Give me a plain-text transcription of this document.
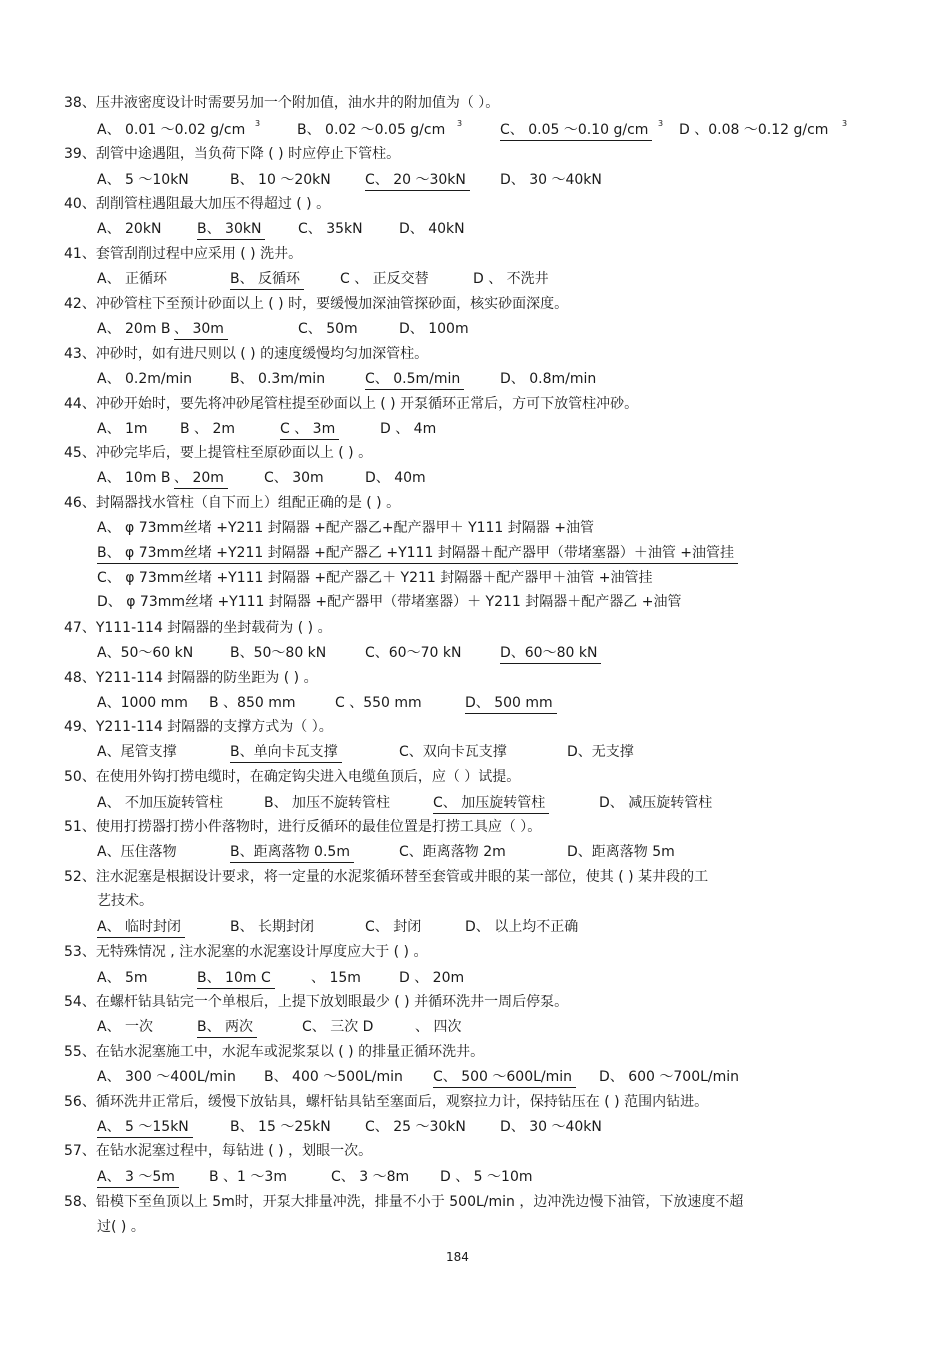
38、压井液密度设计时需要另加一个附加值，油水井的附加值为（ ）。
A、 0.01 ～0.02 g/cm 3	B、 0.02 ～0.05 g/cm 3	C、 0.05 ～0.10 g/cm	3 D 、0.08 ～0.12 g/cm 3
39、刮管中途遇阻，当负荷下降 ( ) 时应停止下管柱。
A、 5 ～10kN	B、 10 ～20kN C、 20 ～30kN D、 30 ～40kN
40、刮削管柱遇阻最大加压不得超过 ( ) 。
A、 20kN	B、 30kN	C、 35kN	D、 40kN
41、套管刮削过程中应采用 ( ) 洗井。
A、 正循环	B、 反循环	C 、 正反交替	D 、 不洗井
42、冲砂管柱下至预计砂面以上 ( ) 时，要缓慢加深油管探砂面，核实砂面深度。
A、 20m B 、 30m	C、 50m	D、 100m
43、冲砂时，如有进尺则以 ( ) 的速度缓慢均匀加深管柱。
A、 0.2m/min	B、 0.3m/min	C、 0.5m/min	D、 0.8m/min
44、冲砂开始时，要先将冲砂尾管柱提至砂面以上 ( ) 开泵循环正常后，方可下放管柱冲砂。
A、 1m B 、 2m	C 、 3m	D 、 4m
45、冲砂完毕后，要上提管柱至原砂面以上 ( ) 。
A、 10m B 、 20m	C、 30m	D、 40m
46、封隔器找水管柱（自下而上）组配正确的是 ( ) 。
A、 φ 73mm丝堵 +Y211 封隔器 +配产器乙+配产器甲＋ Y111 封隔器 +油管
B、 φ 73mm丝堵 +Y211 封隔器 +配产器乙 +Y111 封隔器＋配产器甲（带堵塞器）＋油管 +油管挂
C、 φ 73mm丝堵 +Y111 封隔器 +配产器乙＋ Y211 封隔器＋配产器甲＋油管 +油管挂
D、 φ 73mm丝堵 +Y111 封隔器 +配产器甲（带堵塞器）＋ Y211 封隔器＋配产器乙 +油管
47、Y111-114 封隔器的坐封载荷为 ( ) 。
A、50～60 kN	B、50～80 kN	C、60～70 kN	D、60～80 kN
48、Y211-114 封隔器的防坐距为 ( ) 。
A、1000 mm B 、850 mm	C 、550 mm	D、 500 mm
49、Y211-114 封隔器的支撑方式为（ ）。
A、尾管支撑	B、单向卡瓦支撑	C、双向卡瓦支撑	D、无支撑
50、在使用外钩打捞电缆时，在确定钩尖进入电缆鱼顶后，应（ ）试提。
A、 不加压旋转管柱	B、 加压不旋转管柱	C、 加压旋转管柱	D、 减压旋转管柱
51、使用打捞器打捞小件落物时，进行反循环的最佳位置是打捞工具应（ ）。
A、压住落物	B、距离落物 0.5m	C、距离落物 2m	D、距离落物 5m
52、注水泥塞是根据设计要求，将一定量的水泥浆循环替至套管或井眼的某一部位，使其 ( ) 某井段的工
艺技术。
A、 临时封闭	B、 长期封闭	C、 封闭	D、 以上均不正确
53、无特殊情况 , 注水泥塞的水泥塞设计厚度应大于 ( ) 。
A、 5m	B、 10m C	、 15m	D 、 20m
54、在螺杆钻具钻完一个单根后，上提下放划眼最少 ( ) 并循环洗井一周后停泵。
A、 一次	B、 两次	C、 三次 D	、 四次
55、在钻水泥塞施工中，水泥车或泥浆泵以 ( ) 的排量正循环洗井。
A、 300 ～400L/min B、 400 ～500L/min C、 500 ～600L/min D、 600 ～700L/min
56、循环洗井正常后，缓慢下放钻具，螺杆钻具钻至塞面后，观察拉力计，保持钻压在 ( ) 范围内钻进。
A、 5 ～15kN	B、 15 ～25kN C、 25 ～30kN D、 30 ～40kN
57、在钻水泥塞过程中，每钻进 ( ) ，划眼一次。
A、 3 ～5m B 、1 ～3m	C、 3 ～8m D 、 5 ～10m
58、铅模下至鱼顶以上 5m时，开泵大排量冲洗，排量不小于 500L/min ，边冲洗边慢下油管，下放速度不超
过( ) 。
184
